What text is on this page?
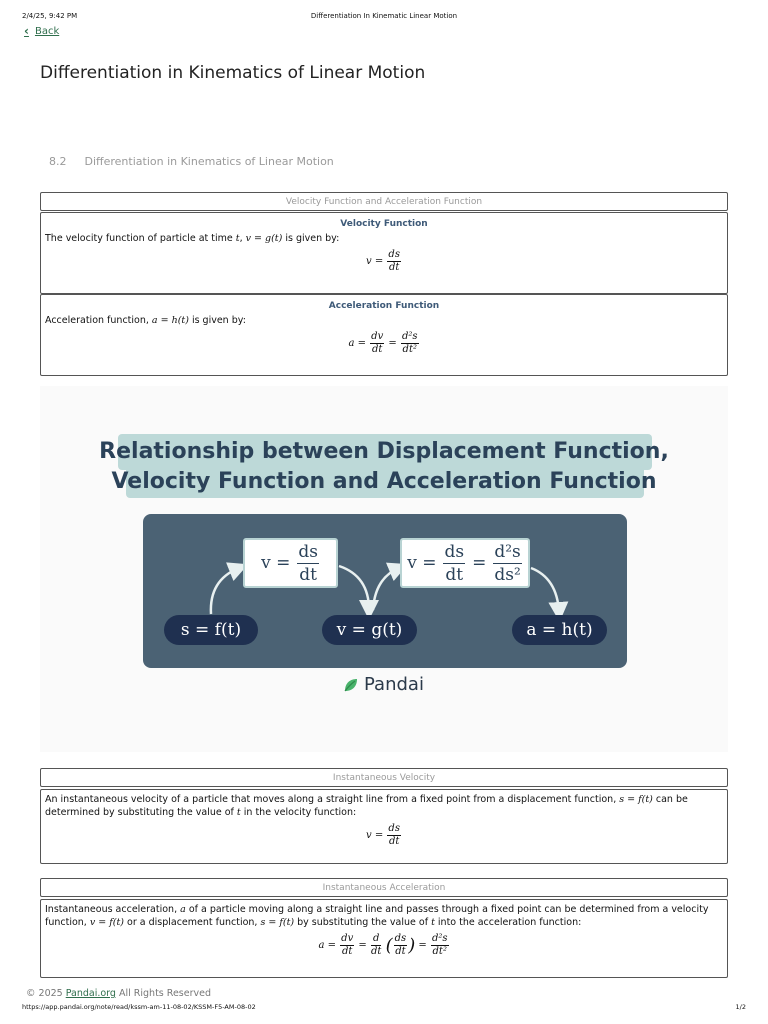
2/4/25, 9:42 PM	Differentiation In Kinematic Linear Motion
‹ Back
Differentiation in Kinematics of Linear Motion
8.2 Differentiation in Kinematics of Linear Motion
Velocity Function and Acceleration Function
Velocity Function
The velocity function of particle at time t, v = g(t) is given by:
$v = \frac{ds}{dt}$
Acceleration Function
Acceleration function, a = h(t) is given by:
$a = \frac{dv}{dt} = \frac{\text{d²s}}{\text{dt²}}$
Relationship between Displacement Function,
Velocity Function and Acceleration Function
$v = \frac{ds}{dt}$	$v = \frac{ds}{dt} = \frac{\text{d²s}}{\text{ds²}}$
s = f(t)	v = g(t)	a = h(t)
Pandai
Instantaneous Velocity
An instantaneous velocity of a particle that moves along a straight line from a fixed point from a displacement function, s = f(t) can be determined by substituting the value of t in the velocity function:
$v = \frac{ds}{dt}$
Instantaneous Acceleration
Instantaneous acceleration, a of a particle moving along a straight line and passes through a fixed point can be determined from a velocity function, v = f(t) or a displacement function, s = f(t) by substituting the value of t into the acceleration function:
$a = \frac{dv}{dt} = \frac{d}{dt}$ ( $\frac{ds}{dt}$ ) = $\frac{\text{d²s}}{\text{dt²}}$
© 2025 Pandai.org All Rights Reserved
https://app.pandai.org/note/read/kssm-am-11-08-02/KSSM-F5-AM-08-02	1/2
